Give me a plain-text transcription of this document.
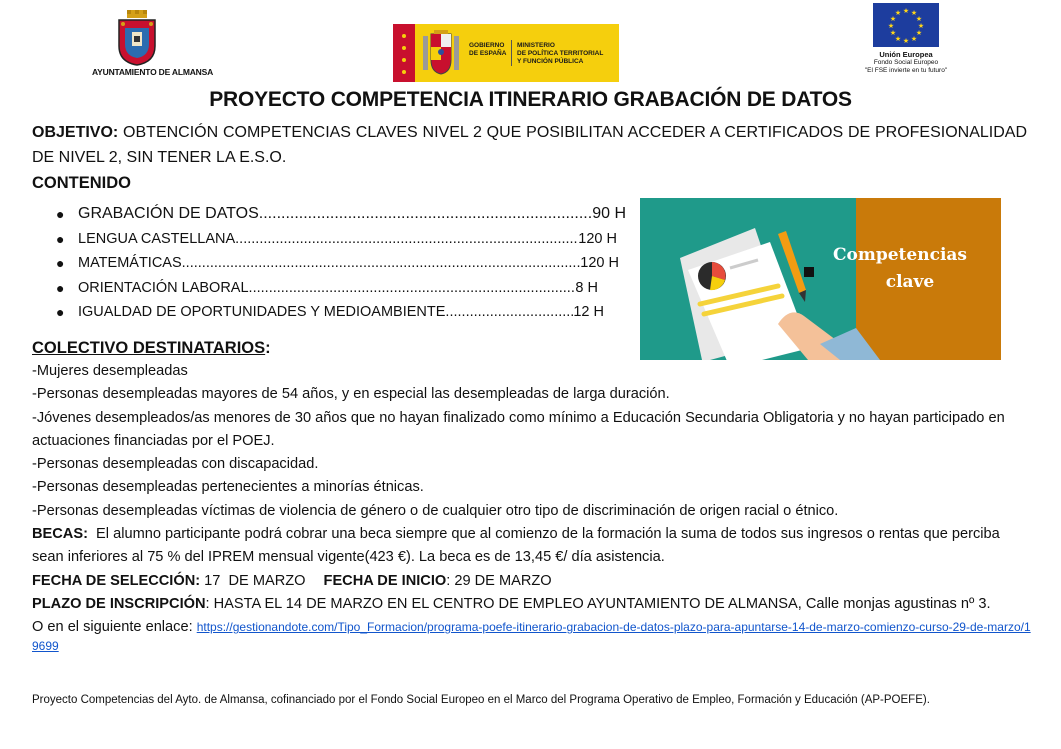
AYUNTAMIENTO DE ALMANSA
GOBIERNO
DE ESPAÑA
MINISTERIO
DE POLÍTICA TERRITORIAL
Y FUNCIÓN PÚBLICA
★ ★
★
★
★
★
★
★
★
★
★
★
Unión Europea
Fondo Social Europeo
"El FSE invierte en tu futuro"
PROYECTO COMPETENCIA ITINERARIO GRABACIÓN DE DATOS
OBJETIVO: OBTENCIÓN COMPETENCIAS CLAVES NIVEL 2 QUE POSIBILITAN ACCEDER A CERTIFICADOS DE PROFESIONALIDAD DE NIVEL 2, SIN TENER LA E.S.O.
CONTENIDO
● GRABACIÓN DE DATOS .....	90 H
● LENGUA CASTELLANA .....	120 H
● MATEMÁTICAS .....	120 H
● ORIENTACIÓN LABORAL .....	8 H
● IGUALDAD DE OPORTUNIDADES Y MEDIOAMBIENTE .....	12 H
Competencias
clave
COLECTIVO DESTINATARIOS:

-Mujeres desempleadas

-Personas desempleadas mayores de 54 años, y en especial las desempleadas de larga duración.

-Jóvenes desempleados/as menores de 30 años que no hayan finalizado como mínimo a Educación Secundaria Obligatoria y no hayan participado en actuaciones financiadas por el POEJ.

-Personas desempleadas con discapacidad.

-Personas desempleadas pertenecientes a minorías étnicas.

-Personas desempleadas víctimas de violencia de género o de cualquier otro tipo de discriminación de origen racial o étnico.

BECAS:  El alumno participante podrá cobrar una beca siempre que al comienzo de la formación la suma de todos sus ingresos o rentas que perciba sean inferiores al 75 % del IPREM mensual vigente(423 €). La beca es de 13,45 €/ día asistencia.

FECHA DE SELECCIÓN: 17  DE MARZO FECHA DE INICIO: 29 DE MARZO

PLAZO DE INSCRIPCIÓN: HASTA EL 14 DE MARZO EN EL CENTRO DE EMPLEO AYUNTAMIENTO DE ALMANSA, Calle monjas agustinas nº 3.

O en el siguiente enlace: https://gestionandote.com/Tipo_Formacion/programa-poefe-itinerario-grabacion-de-datos-plazo-para-apuntarse-14-de-marzo-comienzo-curso-29-de-marzo/19699

Proyecto Competencias del Ayto. de Almansa, cofinanciado por el Fondo Social Europeo en el Marco del Programa Operativo de Empleo, Formación y Educación (AP-POEFE).
